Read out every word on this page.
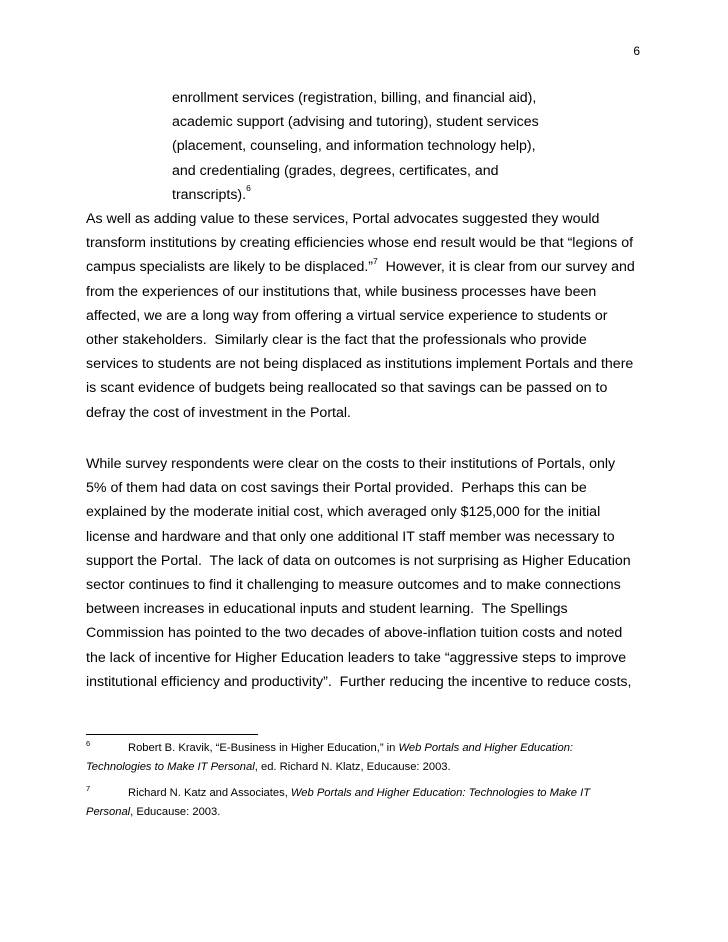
6
enrollment services (registration, billing, and financial aid),
academic support (advising and tutoring), student services
(placement, counseling, and information technology help),
and credentialing (grades, degrees, certificates, and
transcripts).$^6$
As well as adding value to these services, Portal advocates suggested they would
transform institutions by creating efficiencies whose end result would be that “legions of
campus specialists are likely to be displaced.”$^7$  However, it is clear from our survey and
from the experiences of our institutions that, while business processes have been
affected, we are a long way from offering a virtual service experience to students or
other stakeholders.  Similarly clear is the fact that the professionals who provide
services to students are not being displaced as institutions implement Portals and there
is scant evidence of budgets being reallocated so that savings can be passed on to
defray the cost of investment in the Portal.
While survey respondents were clear on the costs to their institutions of Portals, only
5% of them had data on cost savings their Portal provided.  Perhaps this can be
explained by the moderate initial cost, which averaged only $125,000 for the initial
license and hardware and that only one additional IT staff member was necessary to
support the Portal.  The lack of data on outcomes is not surprising as Higher Education
sector continues to find it challenging to measure outcomes and to make connections
between increases in educational inputs and student learning.  The Spellings
Commission has pointed to the two decades of above-inflation tuition costs and noted
the lack of incentive for Higher Education leaders to take “aggressive steps to improve
institutional efficiency and productivity”.  Further reducing the incentive to reduce costs,
6	Robert B. Kravik, “E-Business in Higher Education,” in Web Portals and Higher Education:
Technologies to Make IT Personal, ed. Richard N. Klatz, Educause: 2003.
7	Richard N. Katz and Associates, Web Portals and Higher Education: Technologies to Make IT
Personal, Educause: 2003.
